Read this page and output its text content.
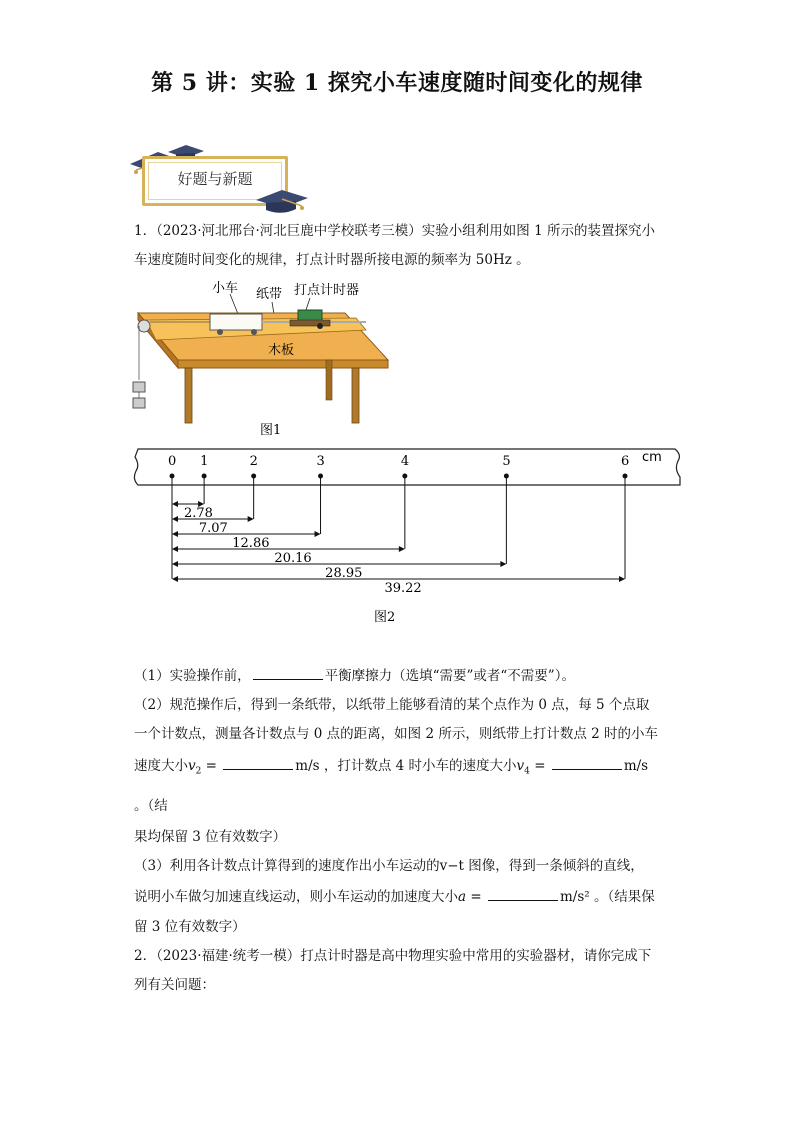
第 5 讲：实验 1 探究小车速度随时间变化的规律
好题与新题
1．（2023·河北邢台·河北巨鹿中学校联考三模）实验小组利用如图 1 所示的装置探究小
车速度随时间变化的规律，打点计时器所接电源的频率为 50Hz 。
小车 纸带 打点计时器
木板
图1
cm
0 1	2	3	4	5	6
2.78
7.07
12.86
20.16
28.95
39.22
图2
（1）实验操作前，	平衡摩擦力（选填“需要”或者“不需要”）。
（2）规范操作后，得到一条纸带，以纸带上能够看清的某个点作为 0 点，每 5 个点取
一个计数点，测量各计数点与 0 点的距离，如图 2 所示，则纸带上打计数点 2 时的小车
速度大小$v_2$ =	m/s ，打计数点 4 时小车的速度大小$v_4$ =	m/s 。（结
果均保留 3 位有效数字）
（3）利用各计数点计算得到的速度作出小车运动的v−t 图像，得到一条倾斜的直线，
说明小车做匀加速直线运动，则小车运动的加速度大小a =	m/s² 。（结果保
留 3 位有效数字）
2．（2023·福建·统考一模）打点计时器是高中物理实验中常用的实验器材，请你完成下
列有关问题：
